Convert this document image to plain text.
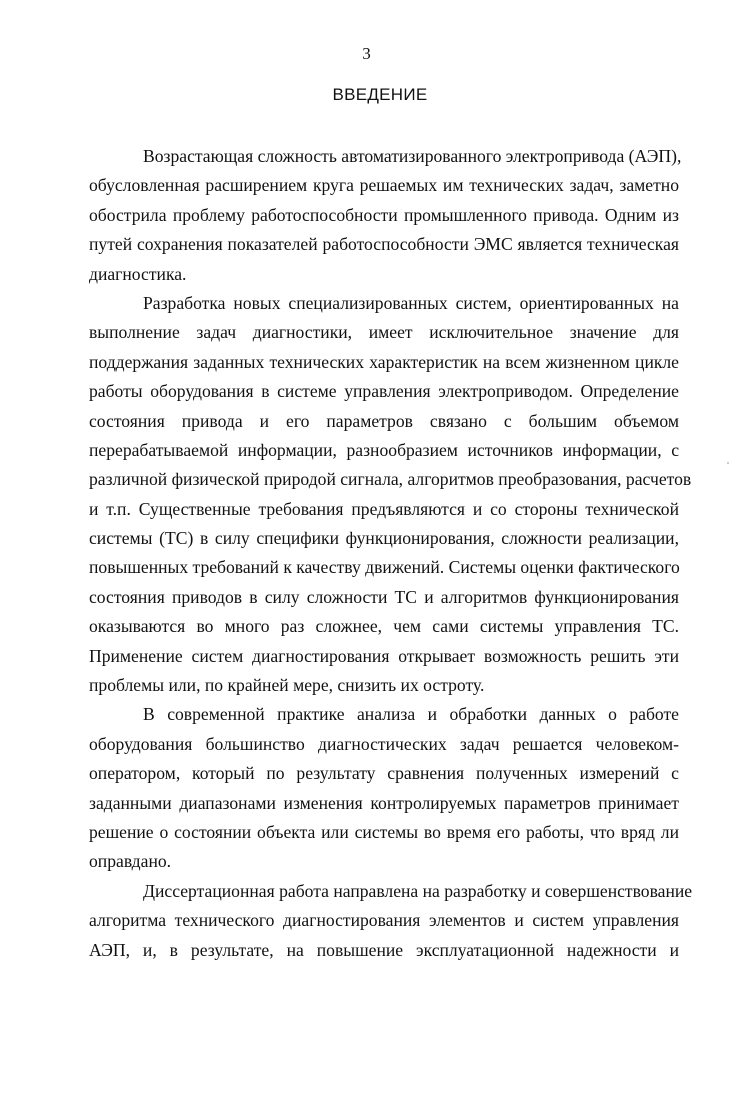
3
ВВЕДЕНИЕ
Возрастающая сложность автоматизированного электропривода (АЭП),
обусловленная расширением круга решаемых им технических задач, заметно
обострила проблему работоспособности промышленного привода. Одним из
путей сохранения показателей работоспособности ЭМС является техническая
диагностика.
Разработка новых специализированных систем, ориентированных на
выполнение задач диагностики, имеет исключительное значение для
поддержания заданных технических характеристик на всем жизненном цикле
работы оборудования в системе управления электроприводом. Определение
состояния привода и его параметров связано с большим объемом
перерабатываемой информации, разнообразием источников информации, с
различной физической природой сигнала, алгоритмов преобразования, расчетов
и т.п. Существенные требования предъявляются и со стороны технической
системы (ТС) в силу специфики функционирования, сложности реализации,
повышенных требований к качеству движений. Системы оценки фактического
состояния приводов в силу сложности ТС и алгоритмов функционирования
оказываются во много раз сложнее, чем сами системы управления ТС.
Применение систем диагностирования открывает возможность решить эти
проблемы или, по крайней мере, снизить их остроту.
В современной практике анализа и обработки данных о работе
оборудования большинство диагностических задач решается человеком-
оператором, который по результату сравнения полученных измерений с
заданными диапазонами изменения контролируемых параметров принимает
решение о состоянии объекта или системы во время его работы, что вряд ли
оправдано.
Диссертационная работа направлена на разработку и совершенствование
алгоритма технического диагностирования элементов и систем управления
АЭП, и, в результате, на повышение эксплуатационной надежности и
